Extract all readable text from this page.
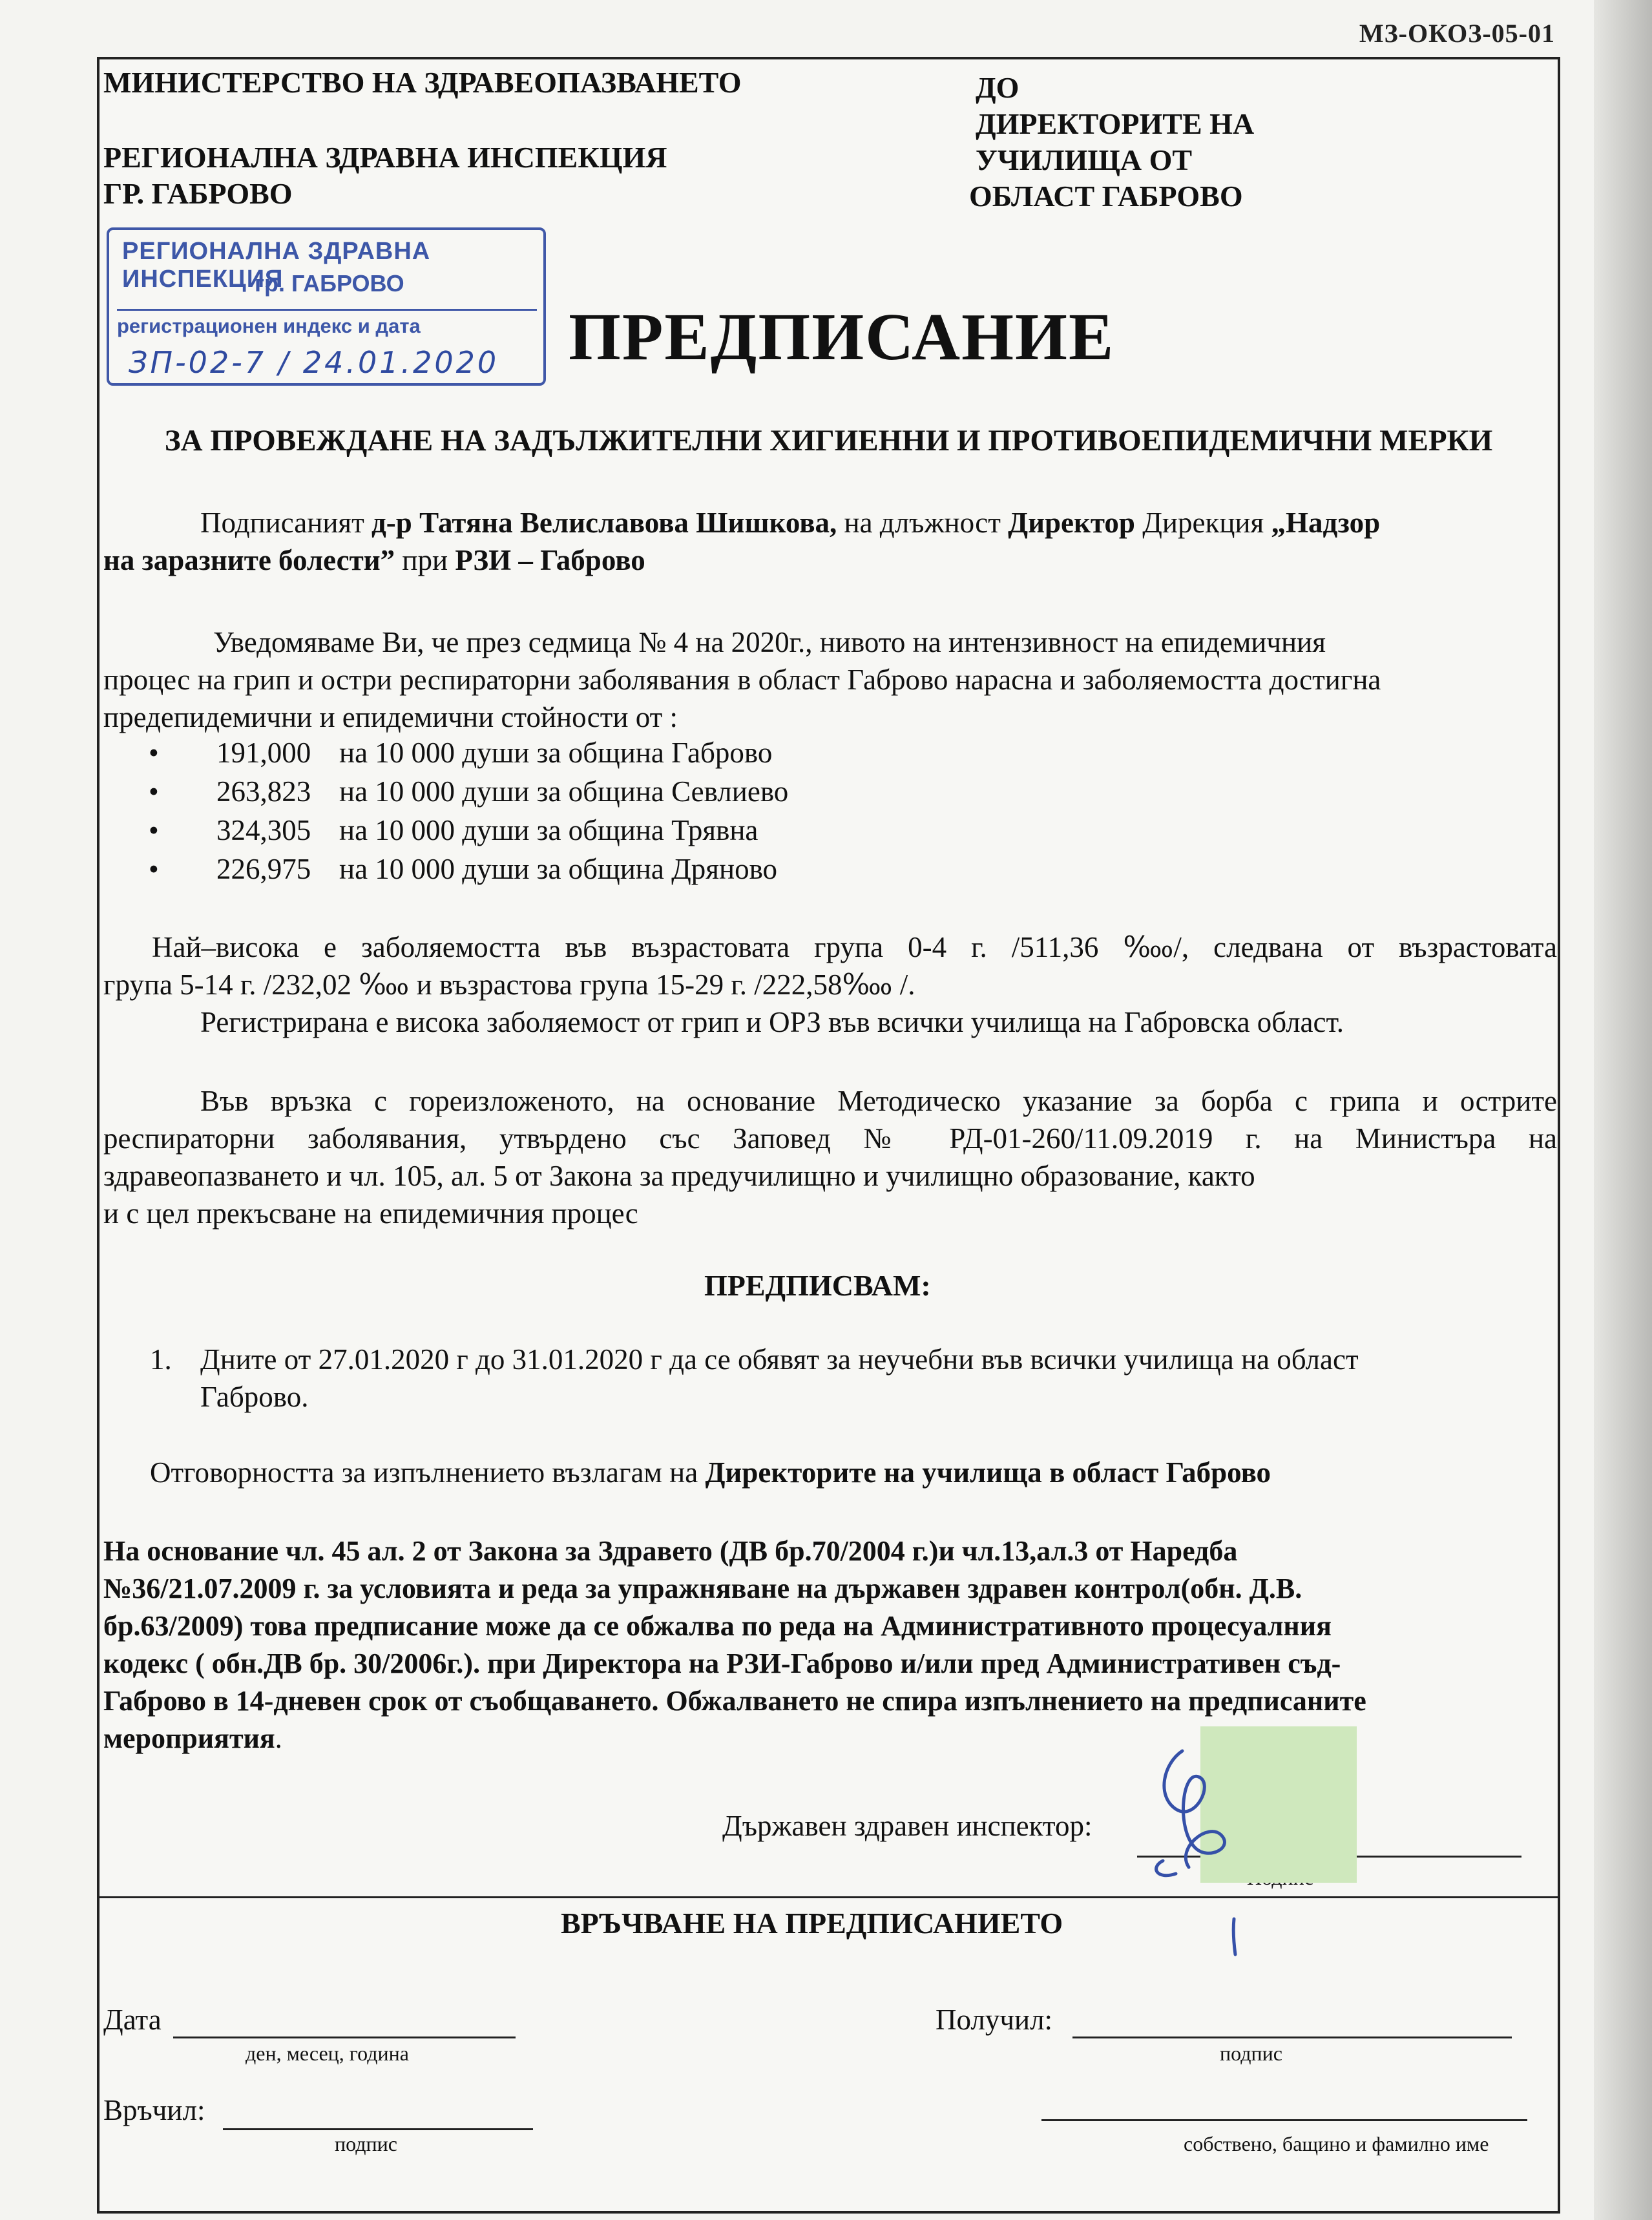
МЗ-ОКОЗ-05-01
МИНИСТЕРСТВО НА ЗДРАВЕОПАЗВАНЕТО
РЕГИОНАЛНА ЗДРАВНА ИНСПЕКЦИЯ
ГР. ГАБРОВО
ДО
ДИРЕКТОРИТЕ НА
УЧИЛИЩА ОТ
ОБЛАСТ ГАБРОВО
РЕГИОНАЛНА ЗДРАВНА ИНСПЕКЦИЯ
гр. ГАБРОВО
регистрационен индекс и дата
ЗП-02-7 / 24.01.2020 ПРЕДПИСАНИЕ
ЗА ПРОВЕЖДАНЕ НА ЗАДЪЛЖИТЕЛНИ ХИГИЕННИ И ПРОТИВОЕПИДЕМИЧНИ МЕРКИ
Подписаният д-р Татяна Велиславова Шишкова, на длъжност Директор Дирекция „Надзор
на заразните болести” при РЗИ – Габрово
Уведомяваме Ви, че през седмица № 4 на 2020г., нивото на интензивност на епидемичния
процес на грип и остри респираторни заболявания в област Габрово нарасна и заболяемостта достигна
предепидемични и епидемични стойности от :
•	191,000 на 10 000 души за община Габрово
•	263,823 на 10 000 души за община Севлиево
•	324,305 на 10 000 души за община Трявна
•	226,975 на 10 000 души за община Дряново
Най–висока е заболяемостта във възрастовата група 0-4 г. /511,36 ‱/, следвана от възрастовата
група 5-14 г. /232,02 ‱ и възрастова група 15-29 г. /222,58‱ /.
Регистрирана е висока заболяемост от грип и ОРЗ във всички училища на Габровска област.
Във връзка с гореизложеното, на основание Методическо указание за борба с грипа и острите
респираторни заболявания, утвърдено със Заповед № РД-01-260/11.09.2019 г. на Министъра на
здравеопазването и чл. 105, ал. 5 от Закона за предучилищно и училищно образование, както
и с цел прекъсване на епидемичния процес
ПРЕДПИСВАМ:
1. Дните от 27.01.2020 г до 31.01.2020 г да се обявят за неучебни във всички училища на област
Габрово.
Отговорността за изпълнението възлагам на Директорите на училища в област Габрово
На основание чл. 45 ал. 2 от Закона за Здравето (ДВ бр.70/2004 г.)и чл.13,ал.3 от Наредба
№36/21.07.2009 г. за условията и реда за упражняване на държавен здравен контрол(обн. Д.В.
бр.63/2009) това предписание може да се обжалва по реда на Административното процесуалния
кодекс ( обн.ДВ бр. 30/2006г.). при Директора на РЗИ-Габрово и/или пред Административен съд-
Габрово в 14-дневен срок от съобщаването. Обжалването не спира изпълнението на предписаните
мероприятия.
Държавен здравен инспектор:
ВРЪЧВАНЕ НА ПРЕДПИСАНИЕТО
Дата
ден, месец, година
Получил:
подпис
Връчил:
подпис	собствено, бащино и фамилно име
